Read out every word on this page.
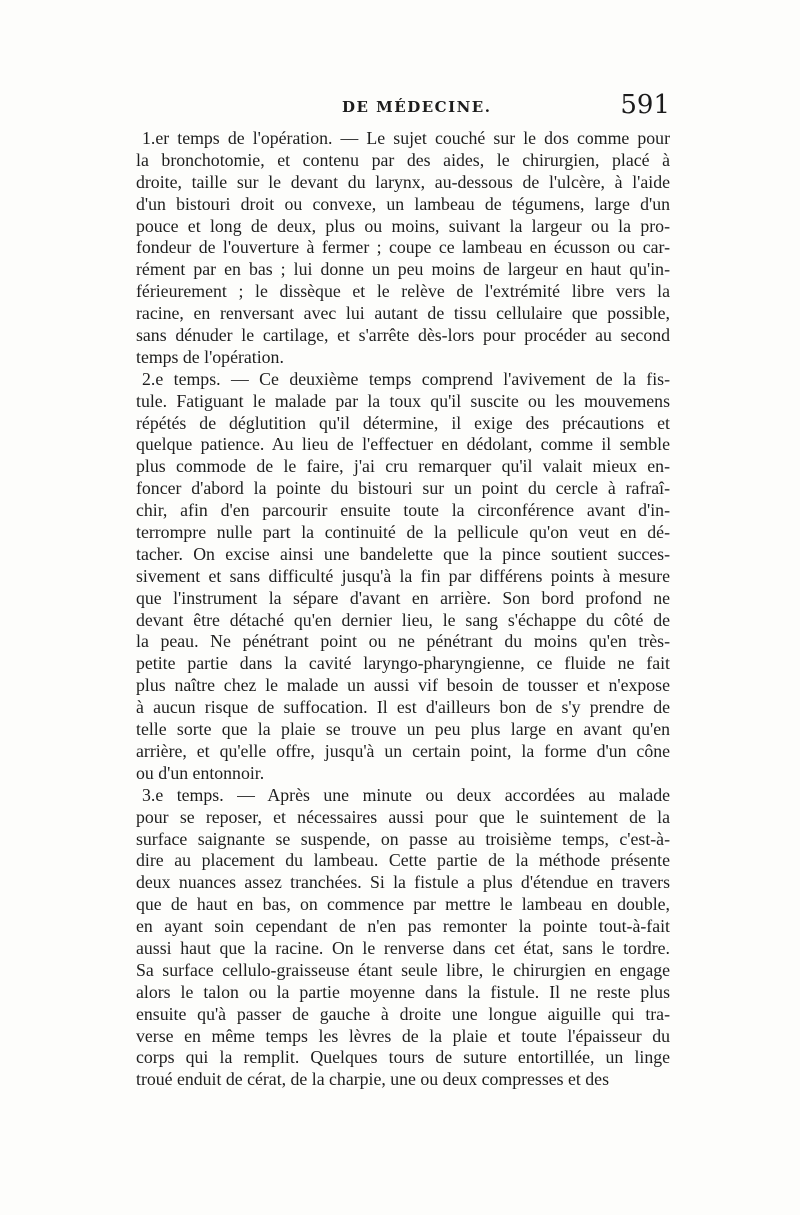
DE MÉDECINE.	591
1.er temps de l'opération. — Le sujet couché sur le dos comme pour
la bronchotomie, et contenu par des aides, le chirurgien, placé à
droite, taille sur le devant du larynx, au-dessous de l'ulcère, à l'aide
d'un bistouri droit ou convexe, un lambeau de tégumens, large d'un
pouce et long de deux, plus ou moins, suivant la largeur ou la pro-
fondeur de l'ouverture à fermer ; coupe ce lambeau en écusson ou car-
rément par en bas ; lui donne un peu moins de largeur en haut qu'in-
férieurement ; le dissèque et le relève de l'extrémité libre vers la
racine, en renversant avec lui autant de tissu cellulaire que possible,
sans dénuder le cartilage, et s'arrête dès-lors pour procéder au second
temps de l'opération.
2.e temps. — Ce deuxième temps comprend l'avivement de la fis-
tule. Fatiguant le malade par la toux qu'il suscite ou les mouvemens
répétés de déglutition qu'il détermine, il exige des précautions et
quelque patience. Au lieu de l'effectuer en dédolant, comme il semble
plus commode de le faire, j'ai cru remarquer qu'il valait mieux en-
foncer d'abord la pointe du bistouri sur un point du cercle à rafraî-
chir, afin d'en parcourir ensuite toute la circonférence avant d'in-
terrompre nulle part la continuité de la pellicule qu'on veut en dé-
tacher. On excise ainsi une bandelette que la pince soutient succes-
sivement et sans difficulté jusqu'à la fin par différens points à mesure
que l'instrument la sépare d'avant en arrière. Son bord profond ne
devant être détaché qu'en dernier lieu, le sang s'échappe du côté de
la peau. Ne pénétrant point ou ne pénétrant du moins qu'en très-
petite partie dans la cavité laryngo-pharyngienne, ce fluide ne fait
plus naître chez le malade un aussi vif besoin de tousser et n'expose
à aucun risque de suffocation. Il est d'ailleurs bon de s'y prendre de
telle sorte que la plaie se trouve un peu plus large en avant qu'en
arrière, et qu'elle offre, jusqu'à un certain point, la forme d'un cône
ou d'un entonnoir.
3.e temps. — Après une minute ou deux accordées au malade
pour se reposer, et nécessaires aussi pour que le suintement de la
surface saignante se suspende, on passe au troisième temps, c'est-à-
dire au placement du lambeau. Cette partie de la méthode présente
deux nuances assez tranchées. Si la fistule a plus d'étendue en travers
que de haut en bas, on commence par mettre le lambeau en double,
en ayant soin cependant de n'en pas remonter la pointe tout-à-fait
aussi haut que la racine. On le renverse dans cet état, sans le tordre.
Sa surface cellulo-graisseuse étant seule libre, le chirurgien en engage
alors le talon ou la partie moyenne dans la fistule. Il ne reste plus
ensuite qu'à passer de gauche à droite une longue aiguille qui tra-
verse en même temps les lèvres de la plaie et toute l'épaisseur du
corps qui la remplit. Quelques tours de suture entortillée, un linge
troué enduit de cérat, de la charpie, une ou deux compresses et des
